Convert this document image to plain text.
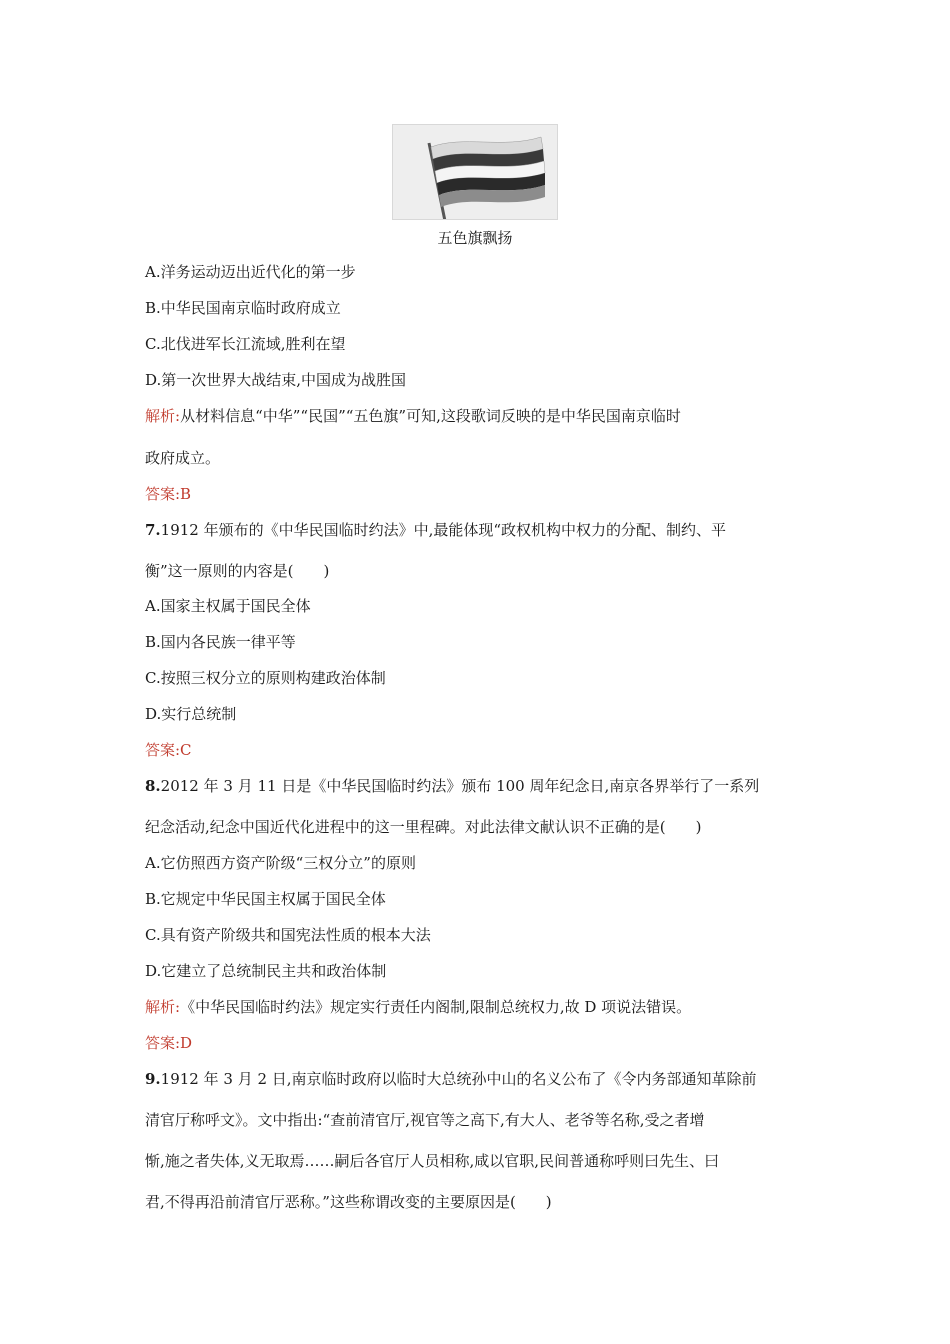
五色旗飘扬
A.洋务运动迈出近代化的第一步
B.中华民国南京临时政府成立
C.北伐进军长江流域,胜利在望
D.第一次世界大战结束,中国成为战胜国
解析:从材料信息“中华”“民国”“五色旗”可知,这段歌词反映的是中华民国南京临时
政府成立。
答案:B
7.1912 年颁布的《中华民国临时约法》中,最能体现“政权机构中权力的分配、制约、平
衡”这一原则的内容是(　　)
A.国家主权属于国民全体
B.国内各民族一律平等
C.按照三权分立的原则构建政治体制
D.实行总统制
答案:C
8.2012 年 3 月 11 日是《中华民国临时约法》颁布 100 周年纪念日,南京各界举行了一系列
纪念活动,纪念中国近代化进程中的这一里程碑。对此法律文献认识不正确的是(　　)
A.它仿照西方资产阶级“三权分立”的原则
B.它规定中华民国主权属于国民全体
C.具有资产阶级共和国宪法性质的根本大法
D.它建立了总统制民主共和政治体制
解析:《中华民国临时约法》规定实行责任内阁制,限制总统权力,故 D 项说法错误。
答案:D
9.1912 年 3 月 2 日,南京临时政府以临时大总统孙中山的名义公布了《令内务部通知革除前
清官厅称呼文》。文中指出:“查前清官厅,视官等之高下,有大人、老爷等名称,受之者增
惭,施之者失体,义无取焉……嗣后各官厅人员相称,咸以官职,民间普通称呼则曰先生、曰
君,不得再沿前清官厅恶称。”这些称谓改变的主要原因是(　　)
